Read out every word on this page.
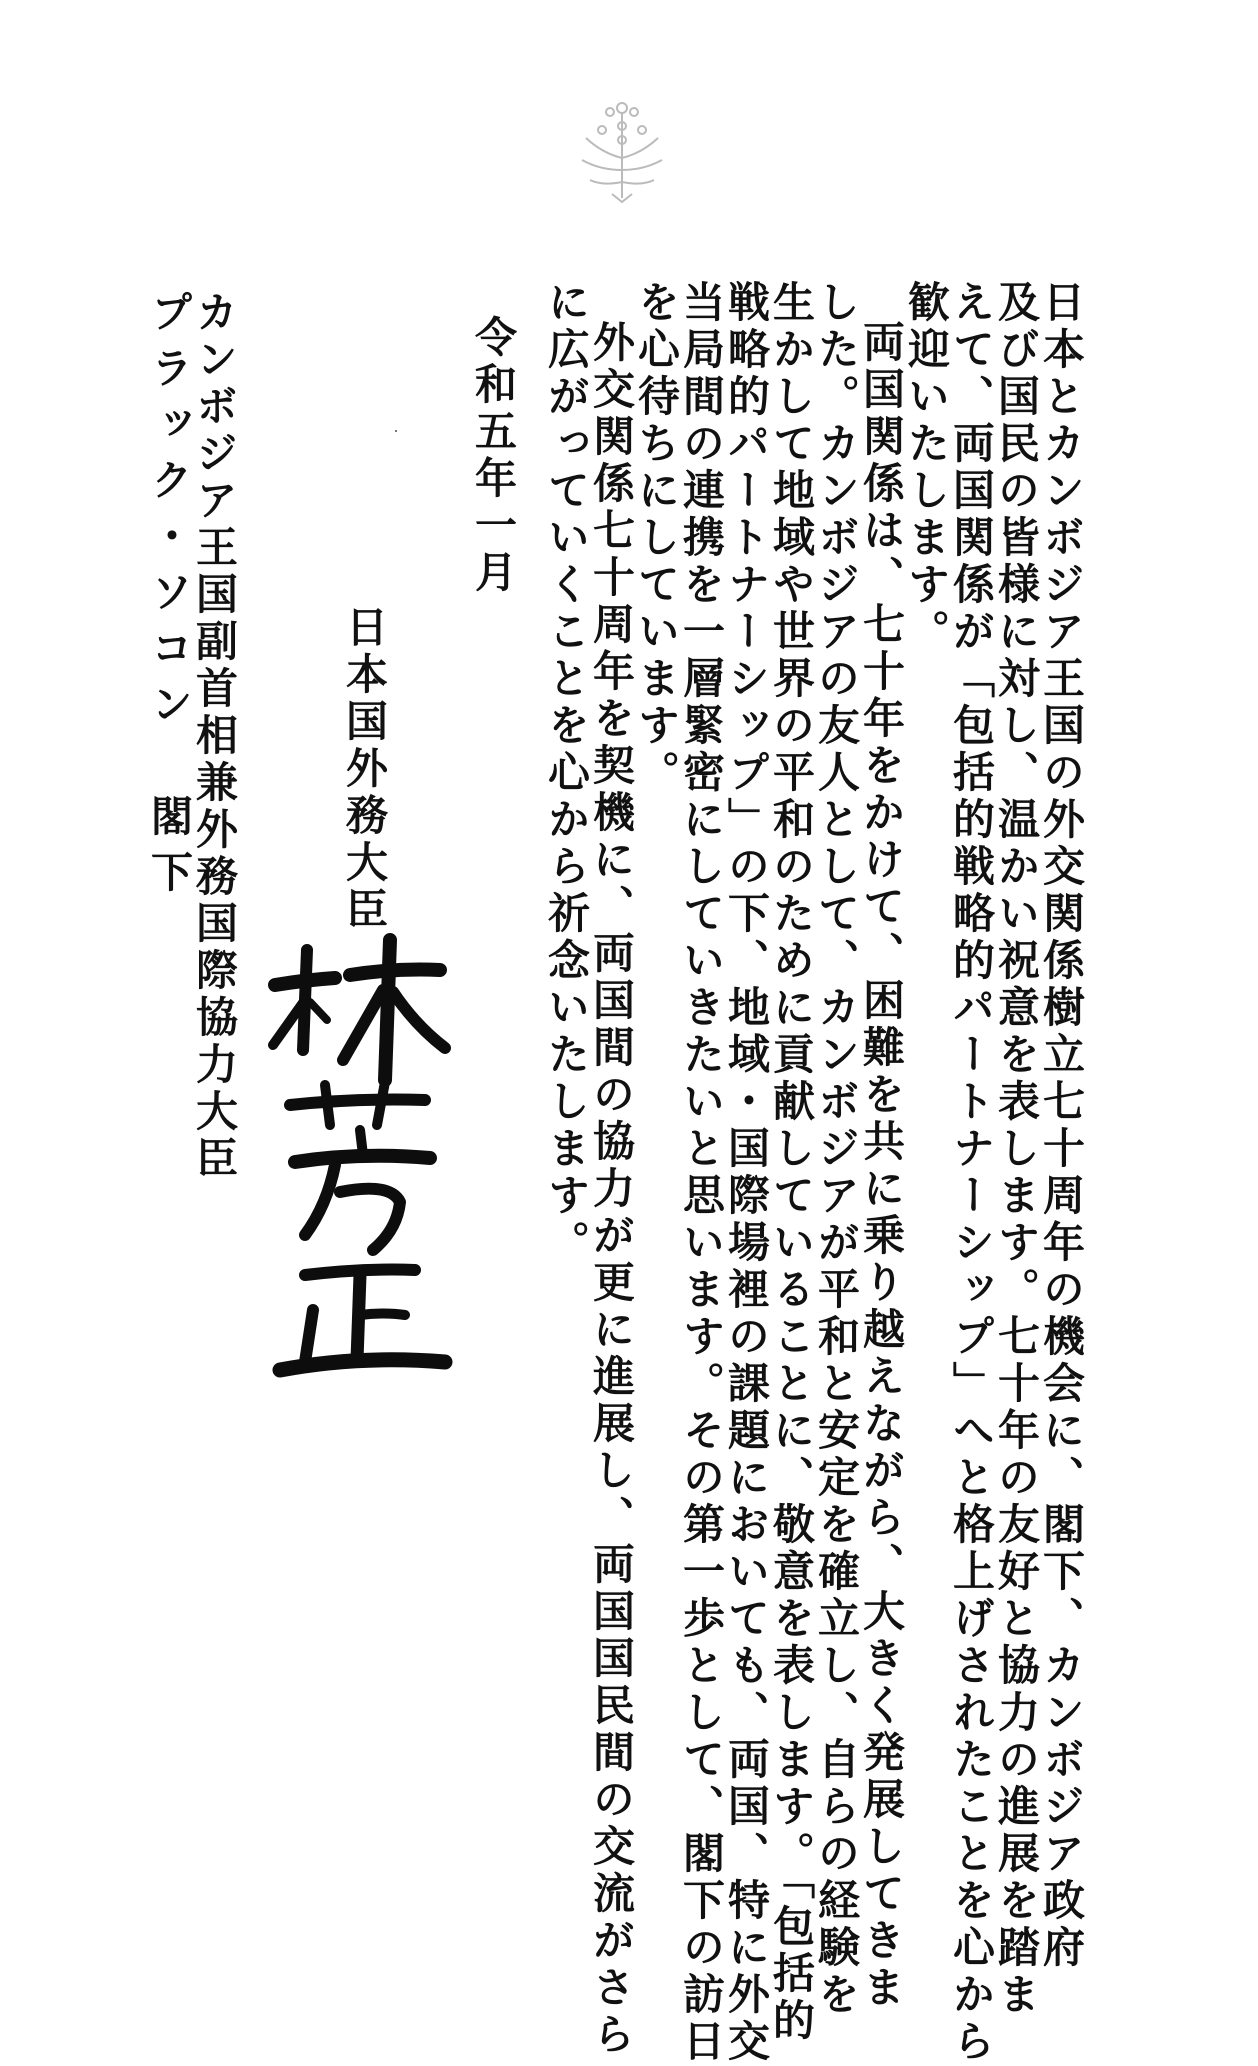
日本とカンボジア王国の外交関係樹立七十周年の機会に、閣下、カンボジア政府
及び国民の皆様に対し、温かい祝意を表します。七十年の友好と協力の進展を踏ま
えて、両国関係が「包括的戦略的パートナーシップ」へと格上げされたことを心から
歓迎いたします。
両国関係は、七十年をかけて、困難を共に乗り越えながら、大きく発展してきま
した。カンボジアの友人として、カンボジアが平和と安定を確立し、自らの経験を
生かして地域や世界の平和のために貢献していることに、敬意を表します。「包括的
戦略的パートナーシップ」の下、地域・国際場裡の課題においても、両国、特に外交
当局間の連携を一層緊密にしていきたいと思います。その第一歩として、閣下の訪日
を心待ちにしています。
外交関係七十周年を契機に、両国間の協力が更に進展し、両国国民間の交流がさら
に広がっていくことを心から祈念いたします。
令和五年一月
日本国外務大臣
カンボジア王国副首相兼外務国際協力大臣
プラック・ソコン　閣下
